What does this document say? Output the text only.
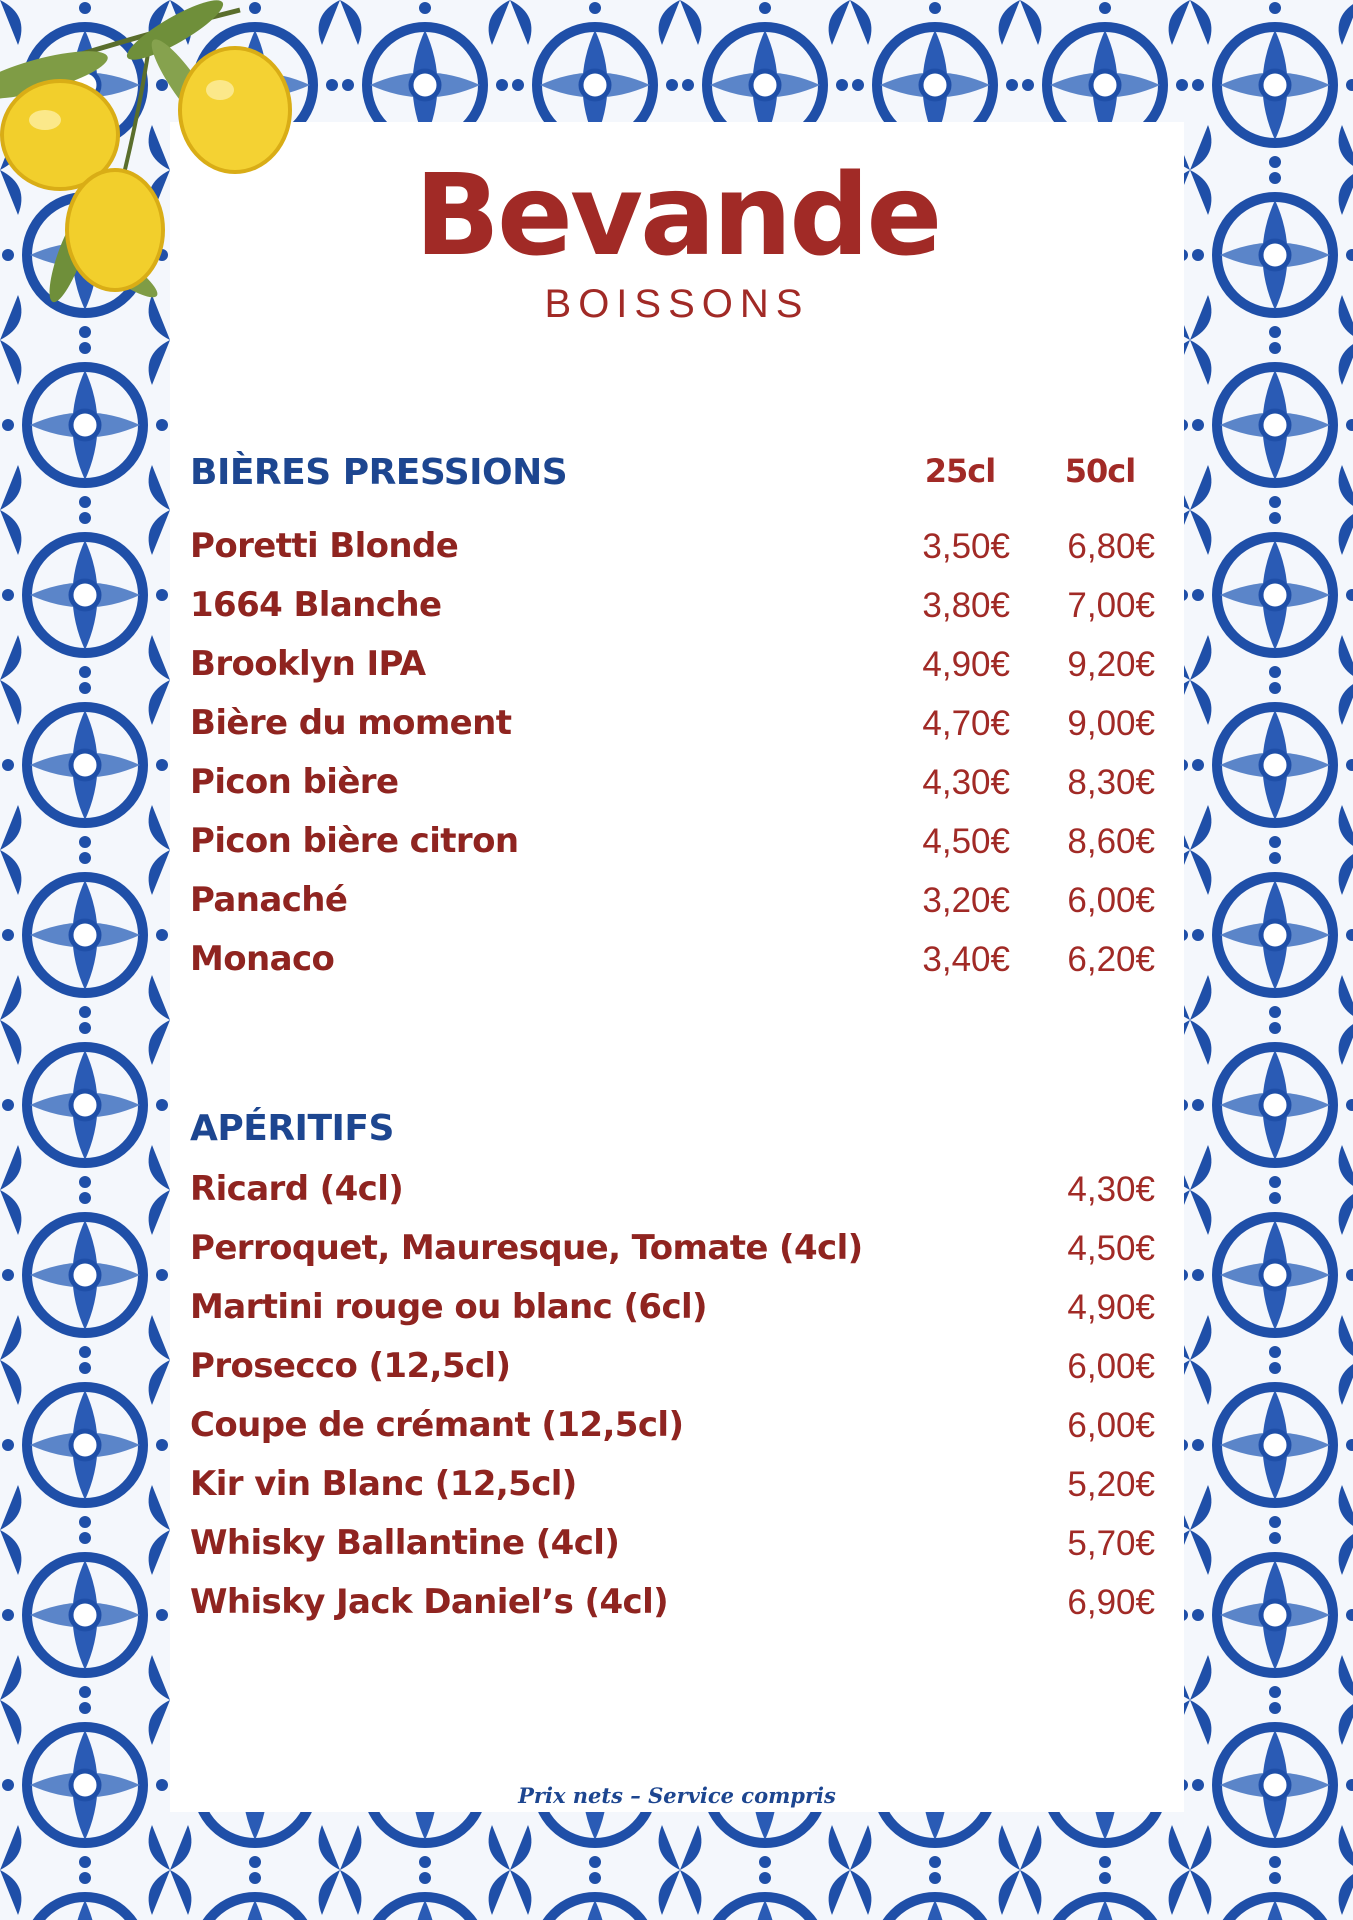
Bevande
BOISSONS
BIÈRES PRESSIONS	25cl	50cl
Poretti Blonde	3,50€	6,80€
1664 Blanche	3,80€	7,00€
Brooklyn IPA	4,90€	9,20€
Bière du moment	4,70€	9,00€
Picon bière	4,30€	8,30€
Picon bière citron	4,50€	8,60€
Panaché	3,20€	6,00€
Monaco	3,40€	6,20€
APÉRITIFS
Ricard (4cl)	4,30€
Perroquet, Mauresque, Tomate (4cl)	4,50€
Martini rouge ou blanc (6cl)	4,90€
Prosecco (12,5cl)	6,00€
Coupe de crémant (12,5cl)	6,00€
Kir vin Blanc (12,5cl)	5,20€
Whisky Ballantine (4cl)	5,70€
Whisky Jack Daniel’s (4cl)	6,90€
Prix nets – Service compris
